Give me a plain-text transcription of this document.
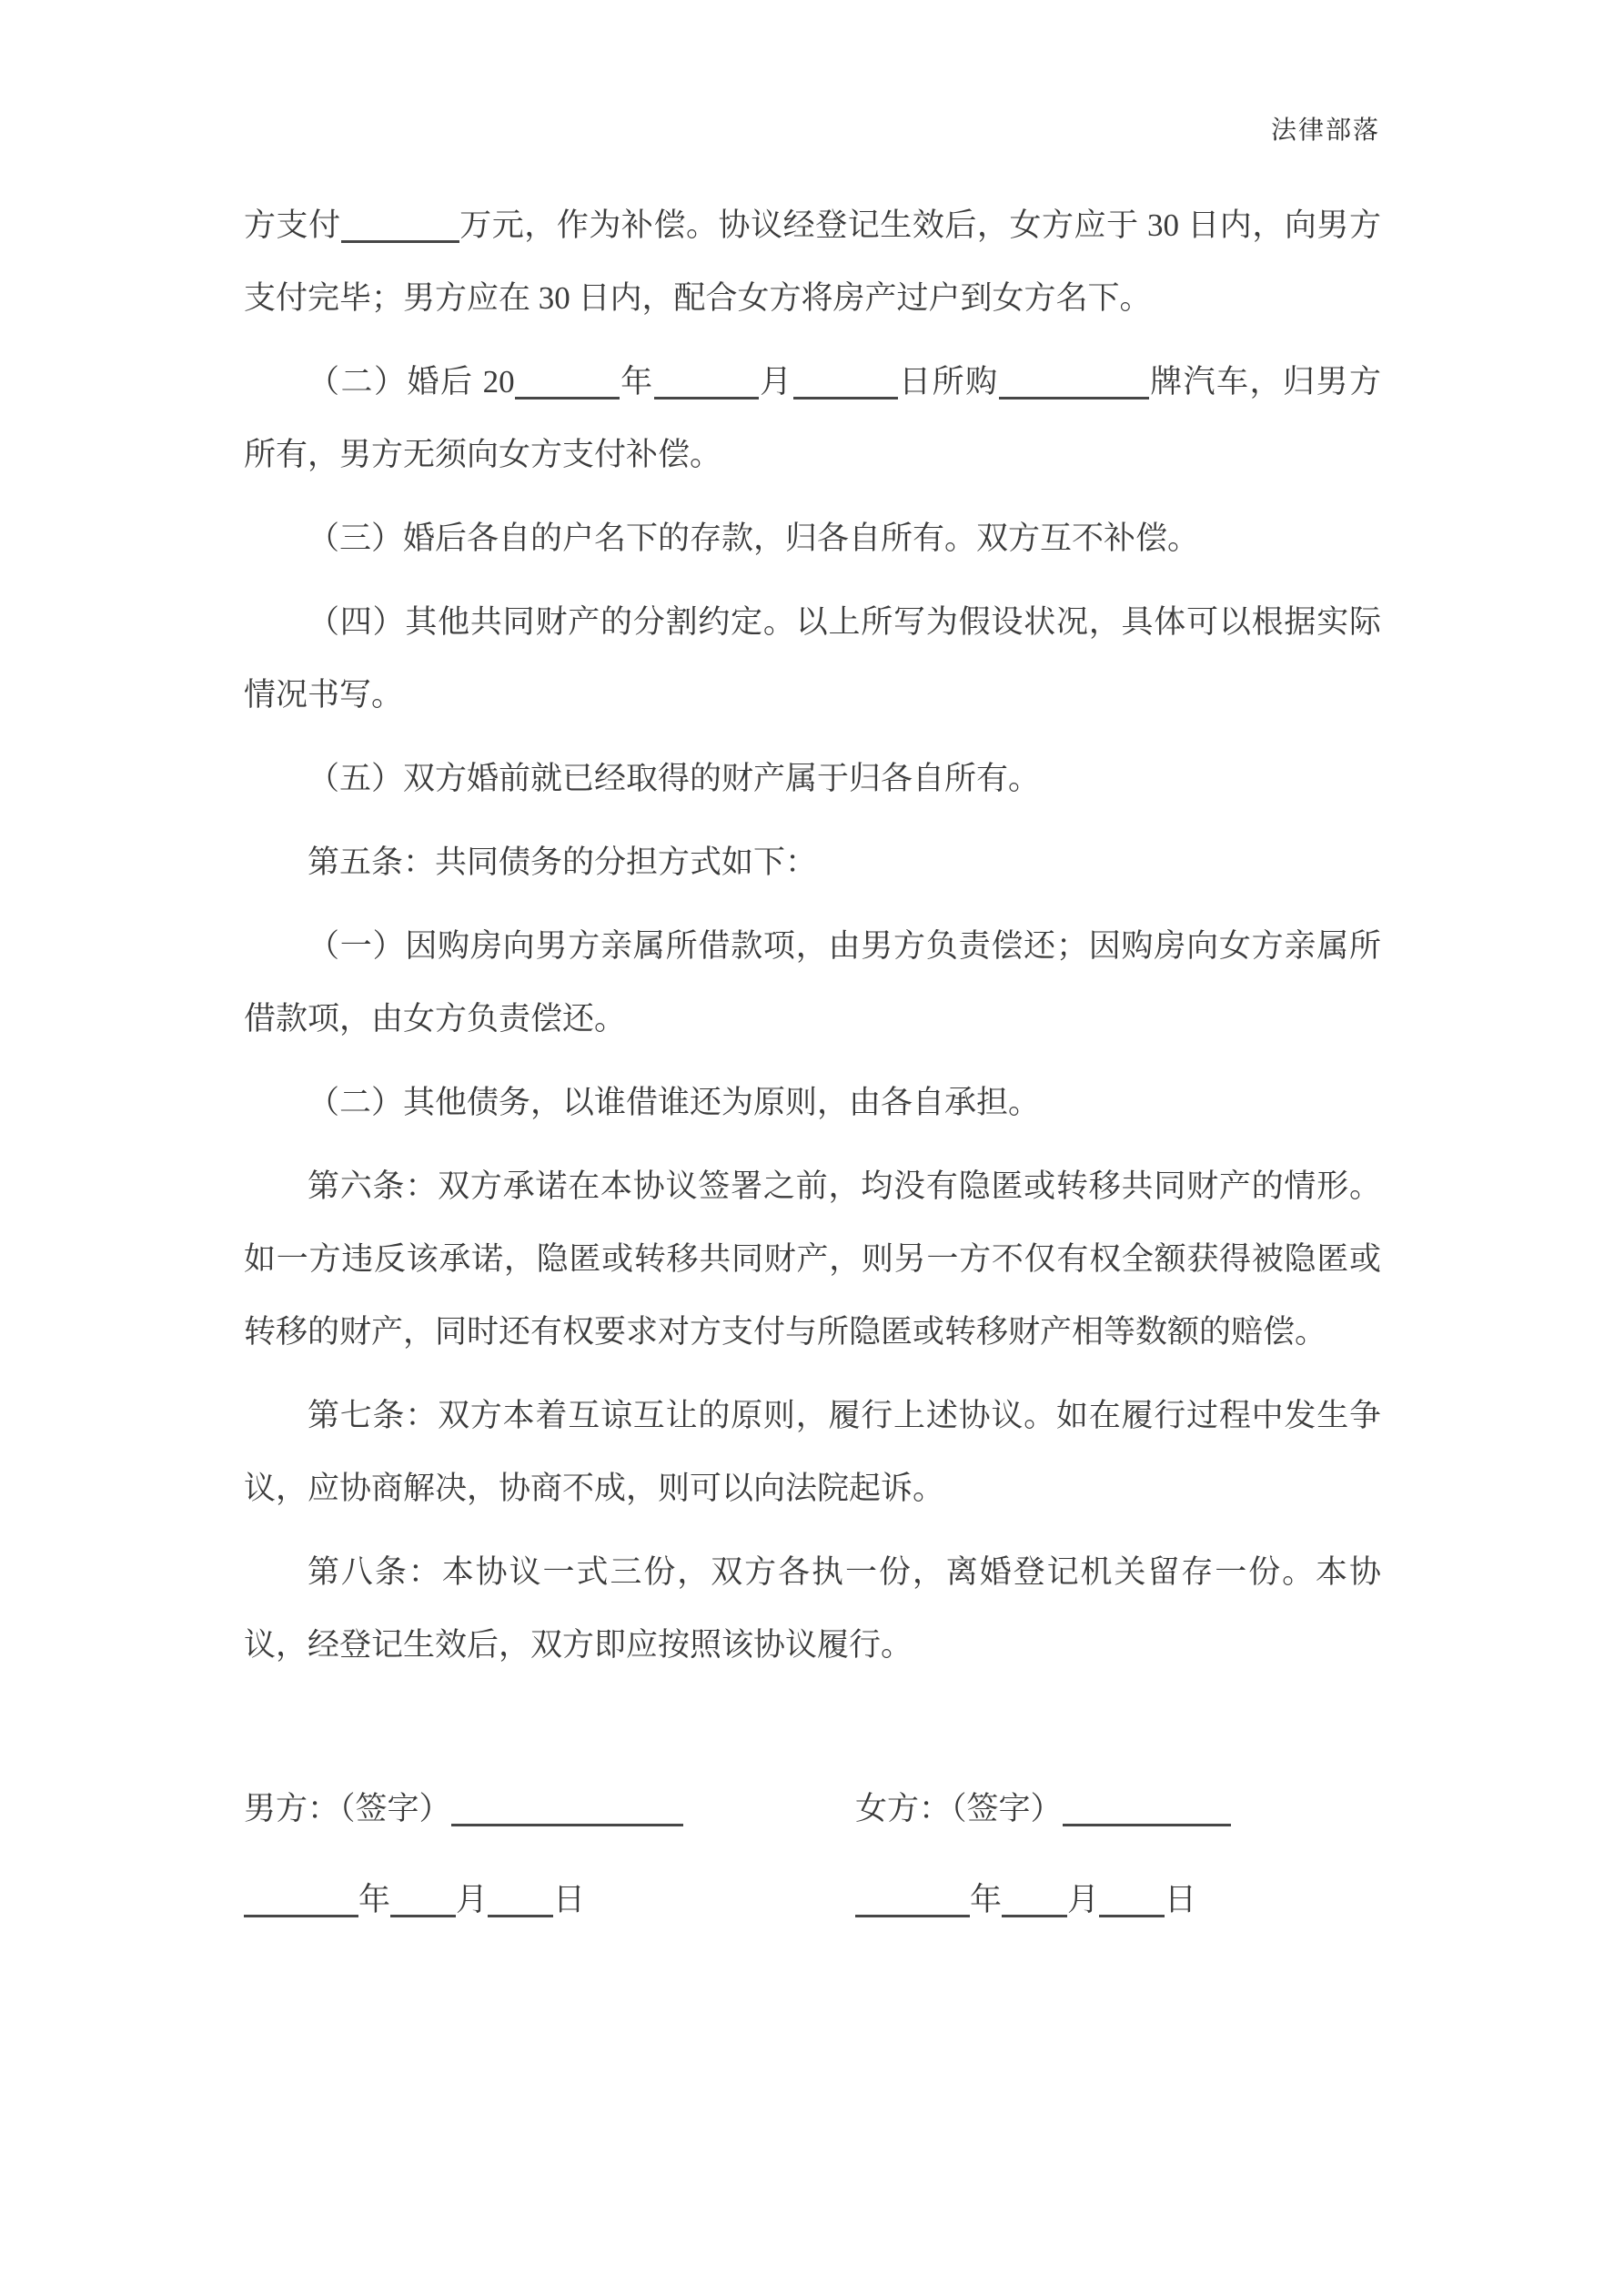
法律部落

方支付	万元，作为补偿。协议经登记生效后，女方应于 30 日内，向男方支付完毕；男方应在 30 日内，配合女方将房产过户到女方名下。

（二）婚后 20	年	月	日所购	牌汽车，归男方所有，男方无须向女方支付补偿。

（三）婚后各自的户名下的存款，归各自所有。双方互不补偿。

（四）其他共同财产的分割约定。以上所写为假设状况，具体可以根据实际情况书写。

（五）双方婚前就已经取得的财产属于归各自所有。

第五条：共同债务的分担方式如下：

（一）因购房向男方亲属所借款项，由男方负责偿还；因购房向女方亲属所借款项，由女方负责偿还。

（二）其他债务，以谁借谁还为原则，由各自承担。

第六条：双方承诺在本协议签署之前，均没有隐匿或转移共同财产的情形。如一方违反该承诺，隐匿或转移共同财产，则另一方不仅有权全额获得被隐匿或转移的财产，同时还有权要求对方支付与所隐匿或转移财产相等数额的赔偿。

第七条：双方本着互谅互让的原则，履行上述协议。如在履行过程中发生争议，应协商解决，协商不成，则可以向法院起诉。

第八条：本协议一式三份，双方各执一份，离婚登记机关留存一份。本协议，经登记生效后，双方即应按照该协议履行。

男方：（签字）
年 月 日
女方：（签字）
年 月 日
